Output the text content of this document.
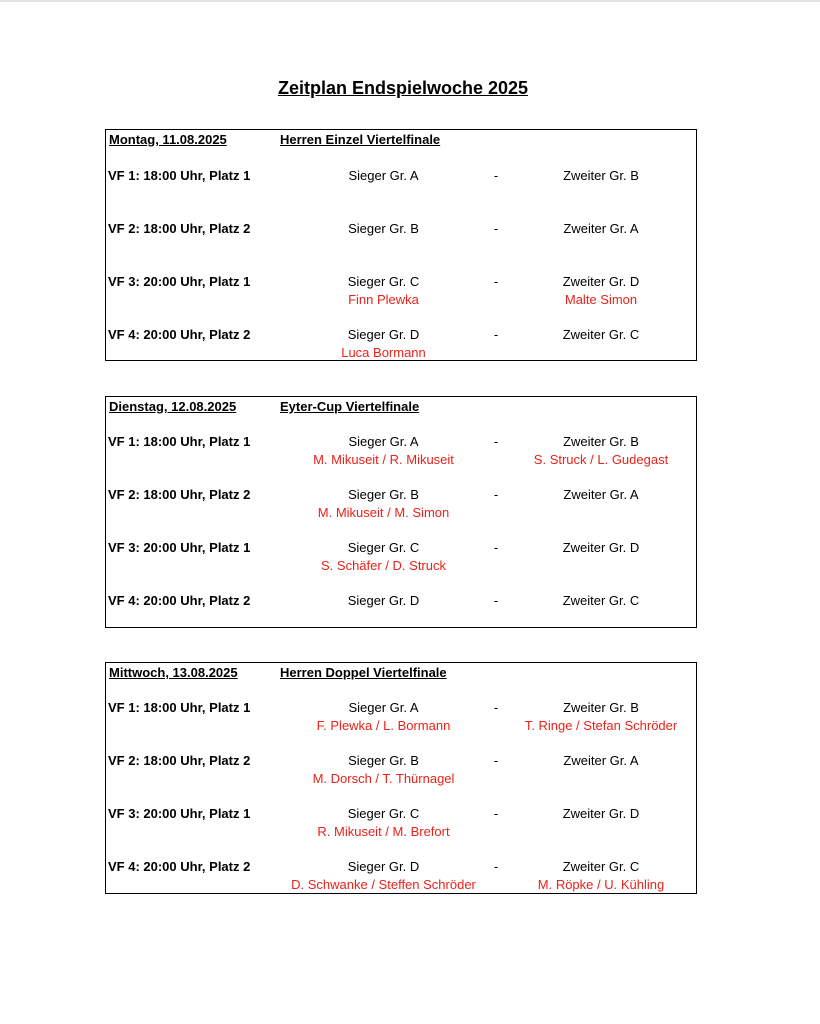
Zeitplan Endspielwoche 2025
Montag, 11.08.2025	Herren Einzel Viertelfinale
VF 1: 18:00 Uhr, Platz 1	Sieger Gr. A	-	Zweiter Gr. B
VF 2: 18:00 Uhr, Platz 2	Sieger Gr. B	-	Zweiter Gr. A
VF 3: 20:00 Uhr, Platz 1	Sieger Gr. C	-	Zweiter Gr. D
Finn Plewka	Malte Simon
VF 4: 20:00 Uhr, Platz 2	Sieger Gr. D	-	Zweiter Gr. C
Luca Bormann
Dienstag, 12.08.2025	Eyter-Cup Viertelfinale
VF 1: 18:00 Uhr, Platz 1	Sieger Gr. A	-	Zweiter Gr. B
M. Mikuseit / R. Mikuseit	S. Struck / L. Gudegast
VF 2: 18:00 Uhr, Platz 2	Sieger Gr. B	-	Zweiter Gr. A
M. Mikuseit / M. Simon
VF 3: 20:00 Uhr, Platz 1	Sieger Gr. C	-	Zweiter Gr. D
S. Schäfer / D. Struck
VF 4: 20:00 Uhr, Platz 2	Sieger Gr. D	-	Zweiter Gr. C
Mittwoch, 13.08.2025	Herren Doppel Viertelfinale
VF 1: 18:00 Uhr, Platz 1	Sieger Gr. A	-	Zweiter Gr. B
F. Plewka / L. Bormann	T. Ringe / Stefan Schröder
VF 2: 18:00 Uhr, Platz 2	Sieger Gr. B	-	Zweiter Gr. A
M. Dorsch / T. Thürnagel
VF 3: 20:00 Uhr, Platz 1	Sieger Gr. C	-	Zweiter Gr. D
R. Mikuseit / M. Brefort
VF 4: 20:00 Uhr, Platz 2	Sieger Gr. D	-	Zweiter Gr. C
D. Schwanke / Steffen Schröder	M. Röpke / U. Kühling
